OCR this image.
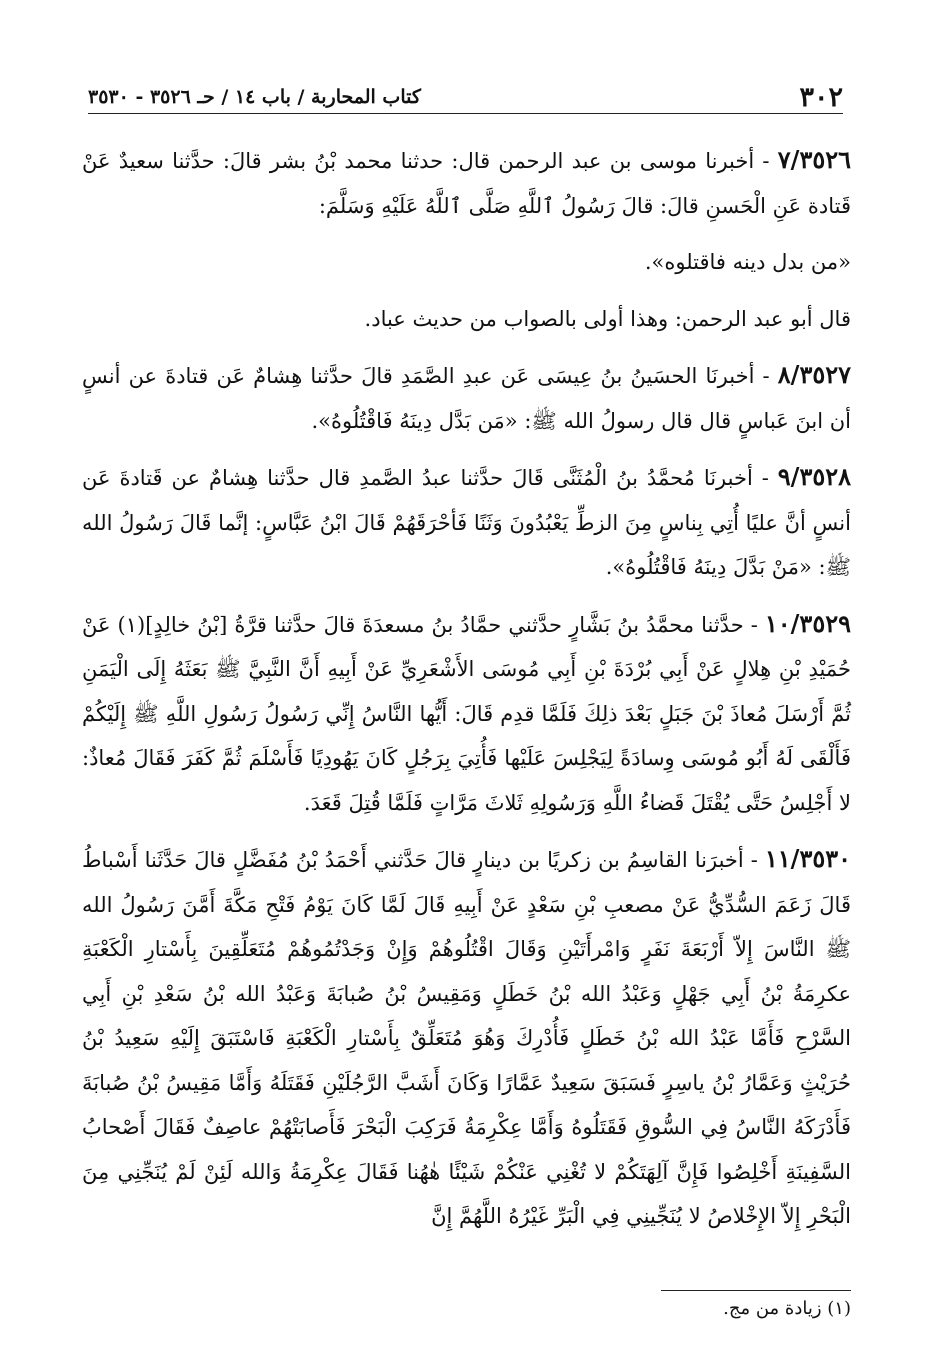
٣٠٢
كتاب المحاربة / باب ١٤ / حـ ٣٥٢٦ - ٣٥٣٠

٧/٣٥٢٦ - أخبرنا موسى بن عبد الرحمن قال: حدثنا محمد بْنُ بشر قالَ: حدَّثنا سعيدٌ عَنْ قَتادة عَنِ الْحَسنِ قالَ: قالَ رَسُولُ ٱللَّهِ صَلَّى ٱللَّهُ عَلَيْهِ وَسَلَّمَ:

«من بدل دينه فاقتلوه».

قال أبو عبد الرحمن: وهذا أولى بالصواب من حديث عباد.

٨/٣٥٢٧ - أخبرنَا الحسَينُ بنُ عِيسَى عَن عبدِ الصَّمَدِ قالَ حدَّثنا هِشامٌ عَن قتادةَ عن أنسٍ أن ابنَ عَباسٍ قال قال رسولُ الله ﷺ: «مَن بَدَّل دِينَهُ فَاقْتُلُوهُ».

٩/٣٥٢٨ - أخبرنَا مُحمَّدُ بنُ الْمُثَنَّى قَالَ حدَّثنا عبدُ الصَّمدِ قال حدَّثنا هِشامٌ عن قَتادةَ عَن أنسٍ أنَّ عليًا أُتِي بِناسٍ مِنَ الزطِّ يَعْبُدُونَ وَثَنًا فَأحْرَقَهُمْ قَالَ ابْنُ عَبَّاسٍ: إنَّما قَالَ رَسُولُ الله ﷺ: «مَنْ بَدَّلَ دِينَهُ فَاقْتُلُوهُ».

١٠/٣٥٢٩ - حدَّثنا محمَّدُ بنُ بَشَّارٍ حدَّثني حمَّادُ بنُ مسعدَةَ قالَ حدَّثنا قرَّةُ [بْنُ خالِدٍ](١) عَنْ حُمَيْدِ بْنِ هِلالٍ عَنْ أَبِي بُرْدَةَ بْنِ أَبِي مُوسَى الأَشْعَرِيِّ عَنْ أَبِيهِ أَنَّ النَّبِيَّ ﷺ بَعَثَهُ إِلَى الْيَمَنِ ثُمَّ أَرْسَلَ مُعاذَ بْنَ جَبَلٍ بَعْدَ ذلِكَ فَلَمَّا قدِم قَالَ: أَيُّها النَّاسُ إِنِّي رَسُولُ رَسُولِ اللَّهِ ﷺ إِلَيْكُمْ فَأَلْقَى لَهُ أَبُو مُوسَى وِسادَةً لِيَجْلِسَ عَلَيْها فَأُتِيَ بِرَجُلٍ كَانَ يَهُودِيًا فَأَسْلَمَ ثُمَّ كَفَرَ فَقَالَ مُعاذٌ: لا أَجْلِسُ حَتَّى يُقْتَلَ قَضاءُ اللَّهِ وَرَسُولِهِ ثَلاثَ مَرَّاتٍ فَلَمَّا قُتِلَ قَعَدَ.

١١/٣٥٣٠ - أخبرَنا القاسِمُ بن زكريًا بن دينارٍ قالَ حَدَّثني أَحْمَدُ بْنُ مُفَضَّلٍ قالَ حَدَّثَنا أَسْباطُ قَالَ زَعَمَ السُّدِّيُّ عَنْ مصعبِ بْنِ سَعْدٍ عَنْ أَبِيهِ قَالَ لَمَّا كَانَ يَوْمُ فَتْحِ مَكَّةَ أَمَّنَ رَسُولُ الله ﷺ النَّاسَ إِلاّ أَرْبَعَةَ نَفَرٍ وَامْرأَتَيْنِ وَقَالَ اقْتُلُوهُمْ وَإِنْ وَجَدْتُمُوهُمْ مُتَعَلِّقِينَ بِأَسْتارِ الْكَعْبَةِ عكرِمَةُ بْنُ أَبِي جَهْلٍ وَعَبْدُ الله بْنُ خَطَلٍ وَمَقِيسُ بْنُ صُبابَةَ وَعَبْدُ الله بْنُ سَعْدِ بْنِ أَبِي السَّرْحِ فَأَمَّا عَبْدُ الله بْنُ خَطَلٍ فَأُدْرِكَ وَهُوَ مُتَعَلِّقٌ بِأَسْتارِ الْكَعْبَةِ فَاسْتَبَقَ إِلَيْهِ سَعِيدُ بْنُ حُرَيْثٍ وَعَمَّارُ بْنُ ياسِرٍ فَسَبَقَ سَعِيدٌ عَمَّارًا وَكَانَ أَشَبَّ الرَّجُلَيْنِ فَقَتَلَهُ وَأَمَّا مَقِيسُ بْنُ صُبابَةَ فَأَدْرَكَهُ النَّاسُ فِي السُّوقِ فَقَتَلُوهُ وَأَمَّا عِكْرِمَةُ فَرَكِبَ الْبَحْرَ فَأَصابَتْهُمْ عاصِفٌ فَقَالَ أَصْحابُ السَّفِينَةِ أَخْلِصُوا فَإِنَّ آلِهَتَكُمْ لا تُغْنِي عَنْكُمْ شَيْئًا هٰهُنا فَقَالَ عِكْرِمَةُ وَالله لَئِنْ لَمْ يُنَجِّنِي مِنَ الْبَحْرِ إِلاّ الإِخْلاصُ لا يُنَجِّينِي فِي الْبَرِّ غَيْرُهُ اللَّهُمَّ إِنَّ

(١) زيادة من مج.
